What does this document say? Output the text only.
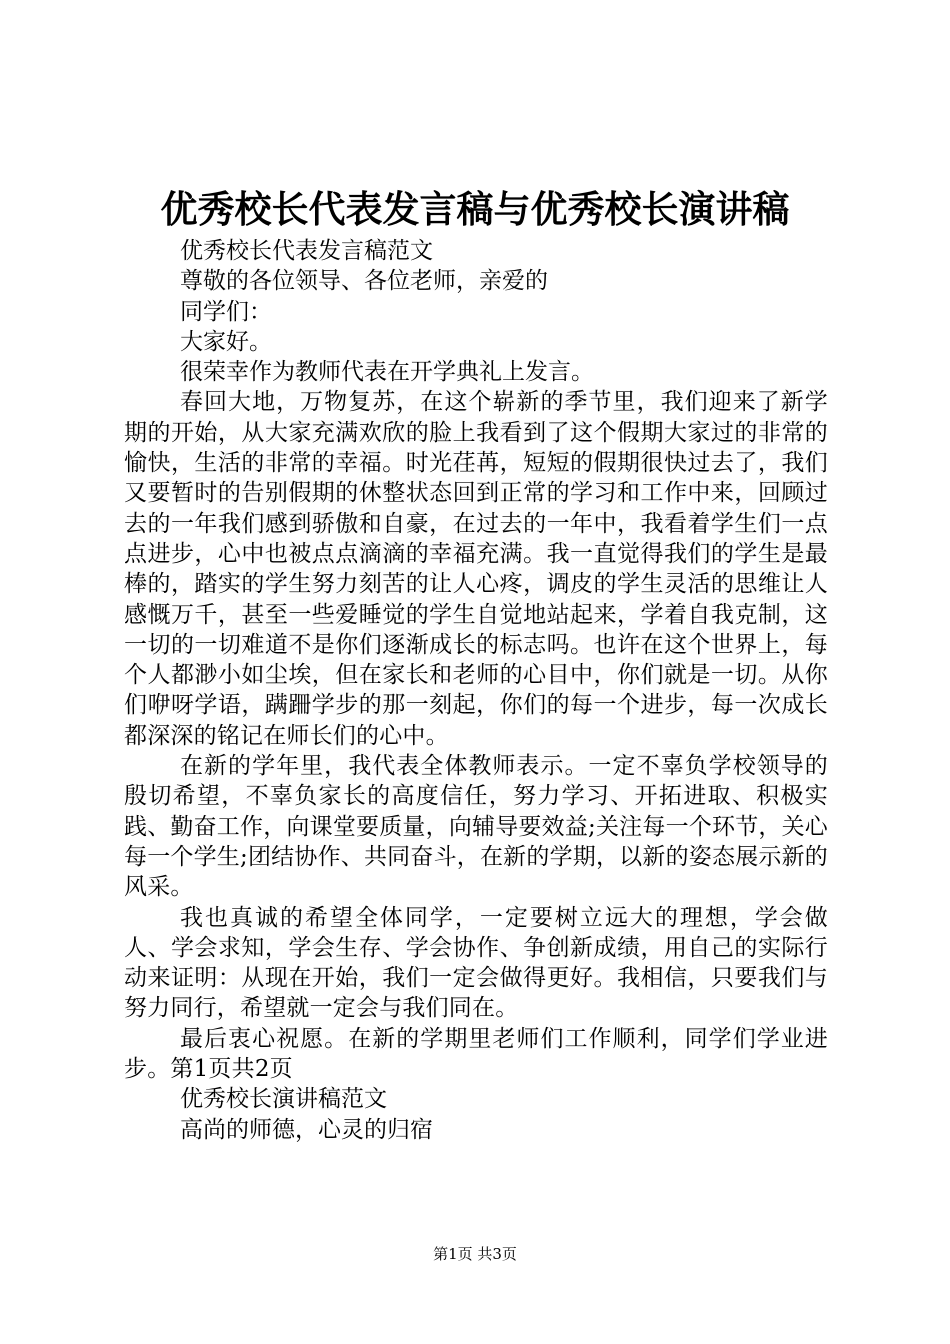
优秀校长代表发言稿与优秀校长演讲稿
优秀校长代表发言稿范文
尊敬的各位领导、各位老师，亲爱的
同学们：
大家好。
很荣幸作为教师代表在开学典礼上发言。

春回大地，万物复苏，在这个崭新的季节里，我们迎来了新学期的开始，从大家充满欢欣的脸上我看到了这个假期大家过的非常的愉快，生活的非常的幸福。时光荏苒，短短的假期很快过去了，我们又要暂时的告别假期的休整状态回到正常的学习和工作中来，回顾过去的一年我们感到骄傲和自豪，在过去的一年中，我看着学生们一点点进步，心中也被点点滴滴的幸福充满。我一直觉得我们的学生是最棒的，踏实的学生努力刻苦的让人心疼，调皮的学生灵活的思维让人感慨万千，甚至一些爱睡觉的学生自觉地站起来，学着自我克制，这一切的一切难道不是你们逐渐成长的标志吗。也许在这个世界上，每个人都渺小如尘埃，但在家长和老师的心目中，你们就是一切。从你们咿呀学语，蹒跚学步的那一刻起，你们的每一个进步，每一次成长都深深的铭记在师长们的心中。

在新的学年里，我代表全体教师表示。一定不辜负学校领导的殷切希望，不辜负家长的高度信任，努力学习、开拓进取、积极实践、勤奋工作，向课堂要质量，向辅导要效益;关注每一个环节，关心每一个学生;团结协作、共同奋斗，在新的学期，以新的姿态展示新的风采。

我也真诚的希望全体同学，一定要树立远大的理想，学会做人、学会求知，学会生存、学会协作、争创新成绩，用自己的实际行动来证明：从现在开始，我们一定会做得更好。我相信，只要我们与努力同行，希望就一定会与我们同在。

最后衷心祝愿。在新的学期里老师们工作顺利，同学们学业进步。第1页共2页

优秀校长演讲稿范文
高尚的师德，心灵的归宿
第1页 共3页
